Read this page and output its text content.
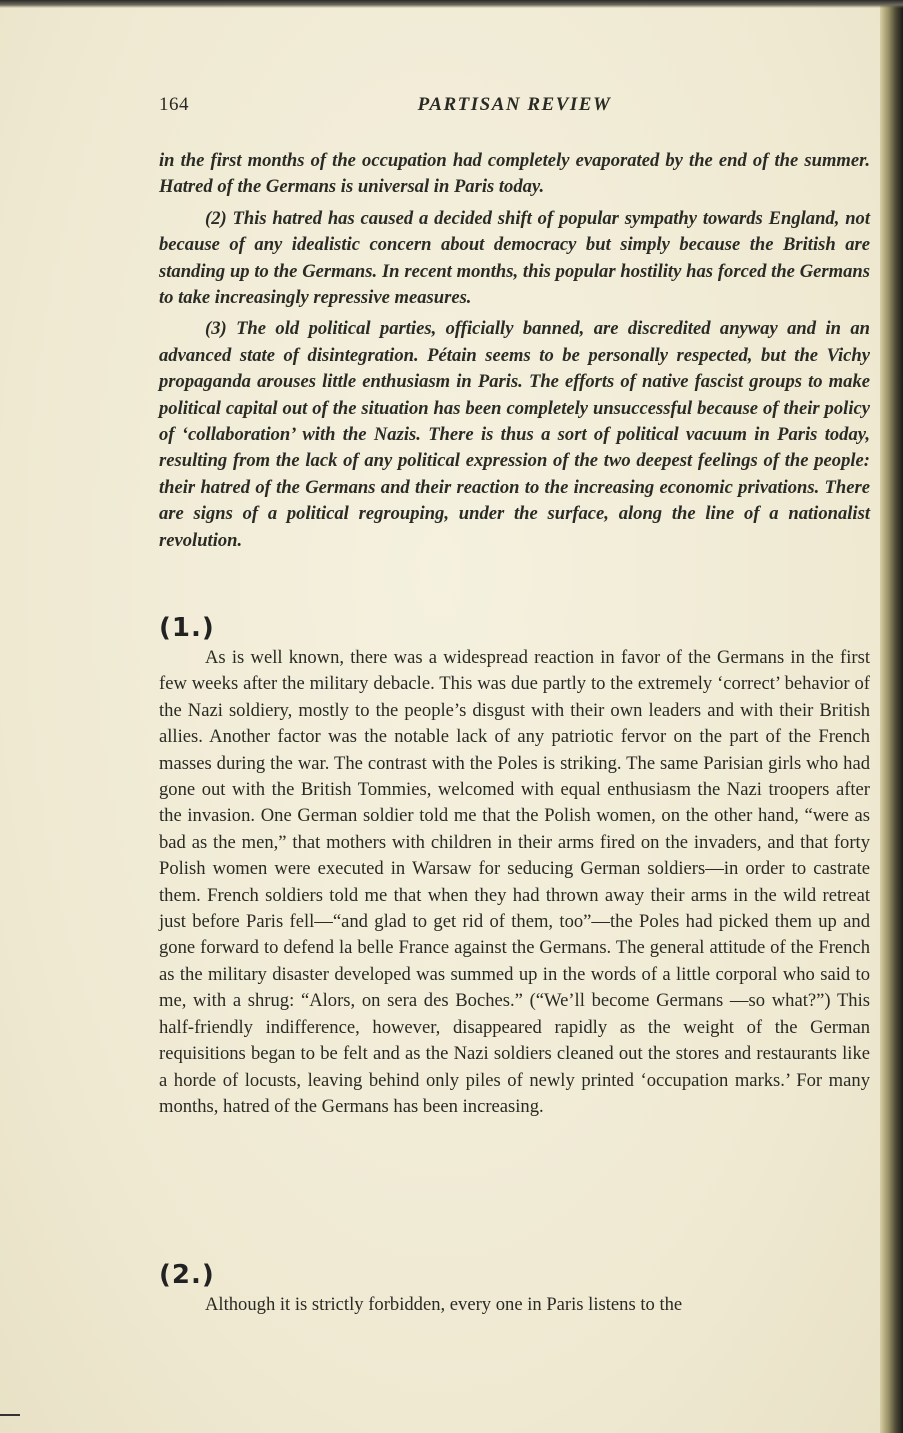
164	PARTISAN REVIEW

in the first months of the occupation had completely evaporated by the end of the summer. Hatred of the Germans is universal in Paris today.

(2) This hatred has caused a decided shift of popular sympathy towards England, not because of any idealistic concern about democracy but simply because the British are standing up to the Germans. In recent months, this popular hostility has forced the Germans to take increasingly repressive measures.

(3) The old political parties, officially banned, are discredited anyway and in an advanced state of disintegration. Pétain seems to be personally respected, but the Vichy propaganda arouses little enthusiasm in Paris. The efforts of native fascist groups to make political capital out of the situation has been completely unsuccessful because of their policy of ‘collaboration’ with the Nazis. There is thus a sort of political vacuum in Paris today, resulting from the lack of any political expression of the two deepest feelings of the people: their hatred of the Germans and their reaction to the increasing economic privations. There are signs of a political regrouping, under the surface, along the line of a nationalist revolution.

(1.)

As is well known, there was a widespread reaction in favor of the Germans in the first few weeks after the military debacle. This was due partly to the extremely ‘correct’ behavior of the Nazi soldiery, mostly to the people’s disgust with their own leaders and with their British allies. Another factor was the notable lack of any patriotic fervor on the part of the French masses during the war. The contrast with the Poles is striking. The same Parisian girls who had gone out with the British Tommies, welcomed with equal enthusiasm the Nazi troopers after the invasion. One German soldier told me that the Polish women, on the other hand, “were as bad as the men,” that mothers with children in their arms fired on the invaders, and that forty Polish women were executed in Warsaw for seducing German soldiers—in order to castrate them. French soldiers told me that when they had thrown away their arms in the wild retreat just before Paris fell—“and glad to get rid of them, too”—the Poles had picked them up and gone forward to defend la belle France against the Germans. The general attitude of the French as the military disaster developed was summed up in the words of a little corporal who said to me, with a shrug: “Alors, on sera des Boches.” (“We’ll become Germans —so what?”) This half-friendly indifference, however, disappeared rapidly as the weight of the German requisitions began to be felt and as the Nazi soldiers cleaned out the stores and restaurants like a horde of locusts, leaving behind only piles of newly printed ‘occupation marks.’ For many months, hatred of the Germans has been increasing.

(2.)

Although it is strictly forbidden, every one in Paris listens to the
